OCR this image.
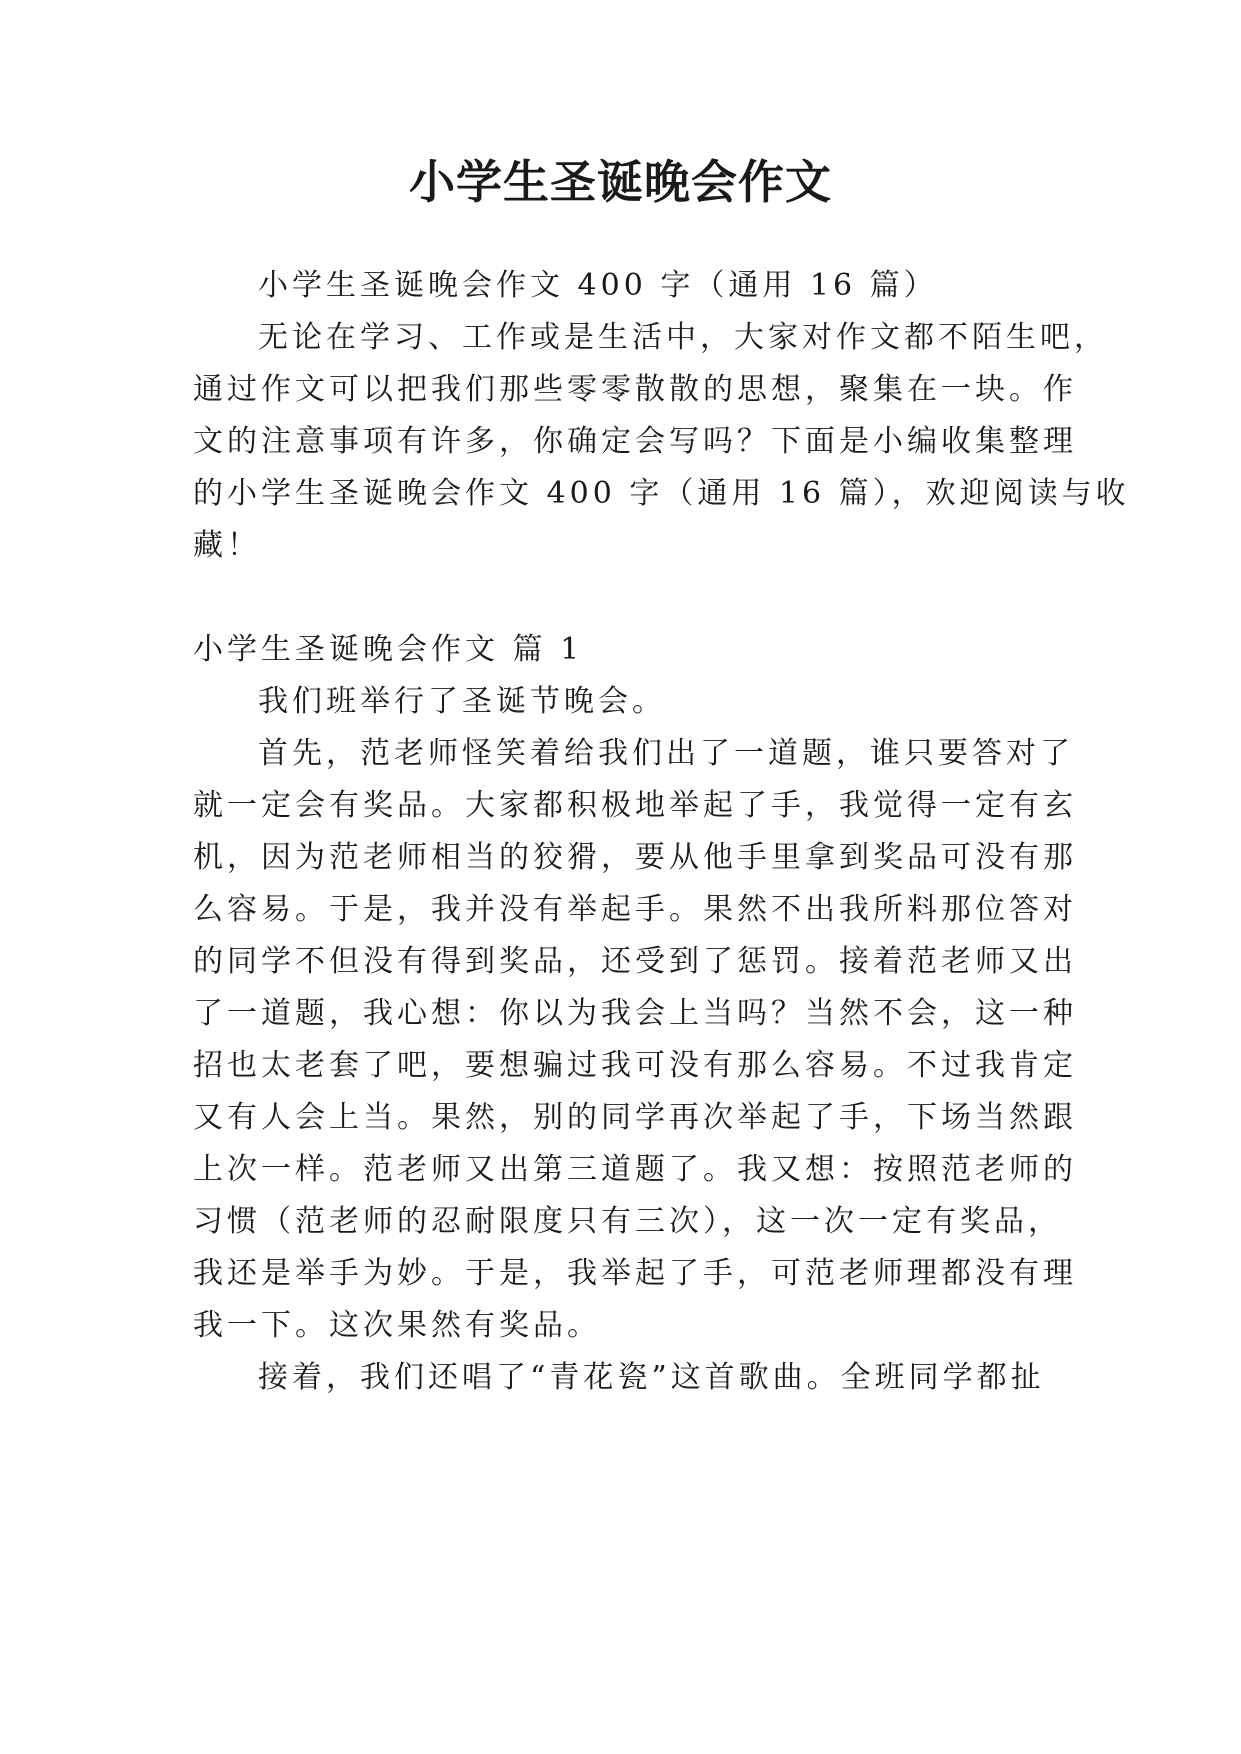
小学生圣诞晚会作文

小学生圣诞晚会作文 400 字（通用 16 篇）

无论在学习、工作或是生活中，大家对作文都不陌生吧，

通过作文可以把我们那些零零散散的思想，聚集在一块。作

文的注意事项有许多，你确定会写吗？下面是小编收集整理

的小学生圣诞晚会作文 400 字（通用 16 篇），欢迎阅读与收

藏！

小学生圣诞晚会作文 篇 1

我们班举行了圣诞节晚会。

首先，范老师怪笑着给我们出了一道题，谁只要答对了

就一定会有奖品。大家都积极地举起了手，我觉得一定有玄

机，因为范老师相当的狡猾，要从他手里拿到奖品可没有那

么容易。于是，我并没有举起手。果然不出我所料那位答对

的同学不但没有得到奖品，还受到了惩罚。接着范老师又出

了一道题，我心想：你以为我会上当吗？当然不会，这一种

招也太老套了吧，要想骗过我可没有那么容易。不过我肯定

又有人会上当。果然，别的同学再次举起了手，下场当然跟

上次一样。范老师又出第三道题了。我又想：按照范老师的

习惯（范老师的忍耐限度只有三次），这一次一定有奖品，

我还是举手为妙。于是，我举起了手，可范老师理都没有理

我一下。这次果然有奖品。

接着，我们还唱了“青花瓷”这首歌曲。全班同学都扯
